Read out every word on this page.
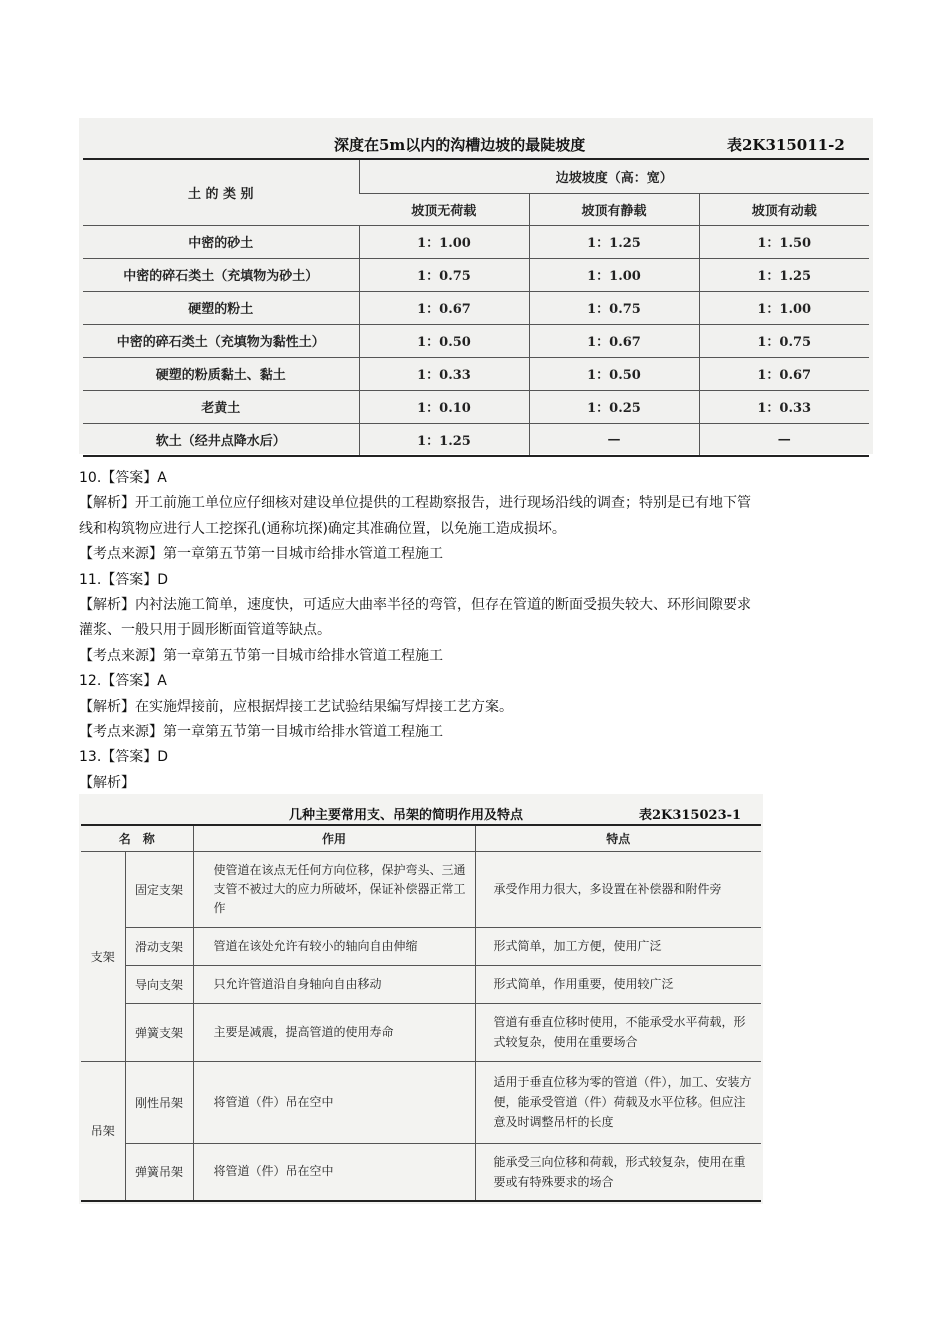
深度在5m以内的沟槽边坡的最陡坡度	表2K315011-2
土 的 类 别	边坡坡度（高：宽）		
	坡顶无荷载	坡顶有静载	坡顶有动载
中密的砂土	1：1.00	1：1.25	1：1.50
中密的碎石类土（充填物为砂土）	1：0.75	1：1.00	1：1.25
硬塑的粉土	1：0.67	1：0.75	1：1.00
中密的碎石类土（充填物为黏性土）	1：0.50	1：0.67	1：0.75
硬塑的粉质黏土、黏土	1：0.33	1：0.50	1：0.67
老黄土	1：0.10	1：0.25	1：0.33
软土（经井点降水后）	1：1.25	—	—

10.【答案】A

【解析】开工前施工单位应仔细核对建设单位提供的工程勘察报告，进行现场沿线的调查；特别是已有地下管

线和构筑物应进行人工挖探孔(通称坑探)确定其准确位置，以免施工造成损坏。

【考点来源】第一章第五节第一目城市给排水管道工程施工

11.【答案】D

【解析】内衬法施工简单，速度快，可适应大曲率半径的弯管，但存在管道的断面受损失较大、环形间隙要求

灌浆、一般只用于圆形断面管道等缺点。

【考点来源】第一章第五节第一目城市给排水管道工程施工

12.【答案】A

【解析】在实施焊接前，应根据焊接工艺试验结果编写焊接工艺方案。

【考点来源】第一章第五节第一目城市给排水管道工程施工

13.【答案】D

【解析】

几种主要常用支、吊架的简明作用及特点	表2K315023-1
名　称		作用	特点
支架	固定支架	使管道在该点无任何方向位移，保护弯头、三通支管不被过大的应力所破坏，保证补偿器正常工作	承受作用力很大，多设置在补偿器和附件旁
	滑动支架	管道在该处允许有较小的轴向自由伸缩	形式简单，加工方便，使用广泛
	导向支架	只允许管道沿自身轴向自由移动	形式简单，作用重要，使用较广泛
	弹簧支架	主要是减震，提高管道的使用寿命	管道有垂直位移时使用，不能承受水平荷载，形式较复杂，使用在重要场合
吊架	刚性吊架	将管道（件）吊在空中	适用于垂直位移为零的管道（件），加工、安装方便，能承受管道（件）荷载及水平位移。但应注意及时调整吊杆的长度
	弹簧吊架	将管道（件）吊在空中	能承受三向位移和荷载，形式较复杂，使用在重要或有特殊要求的场合
